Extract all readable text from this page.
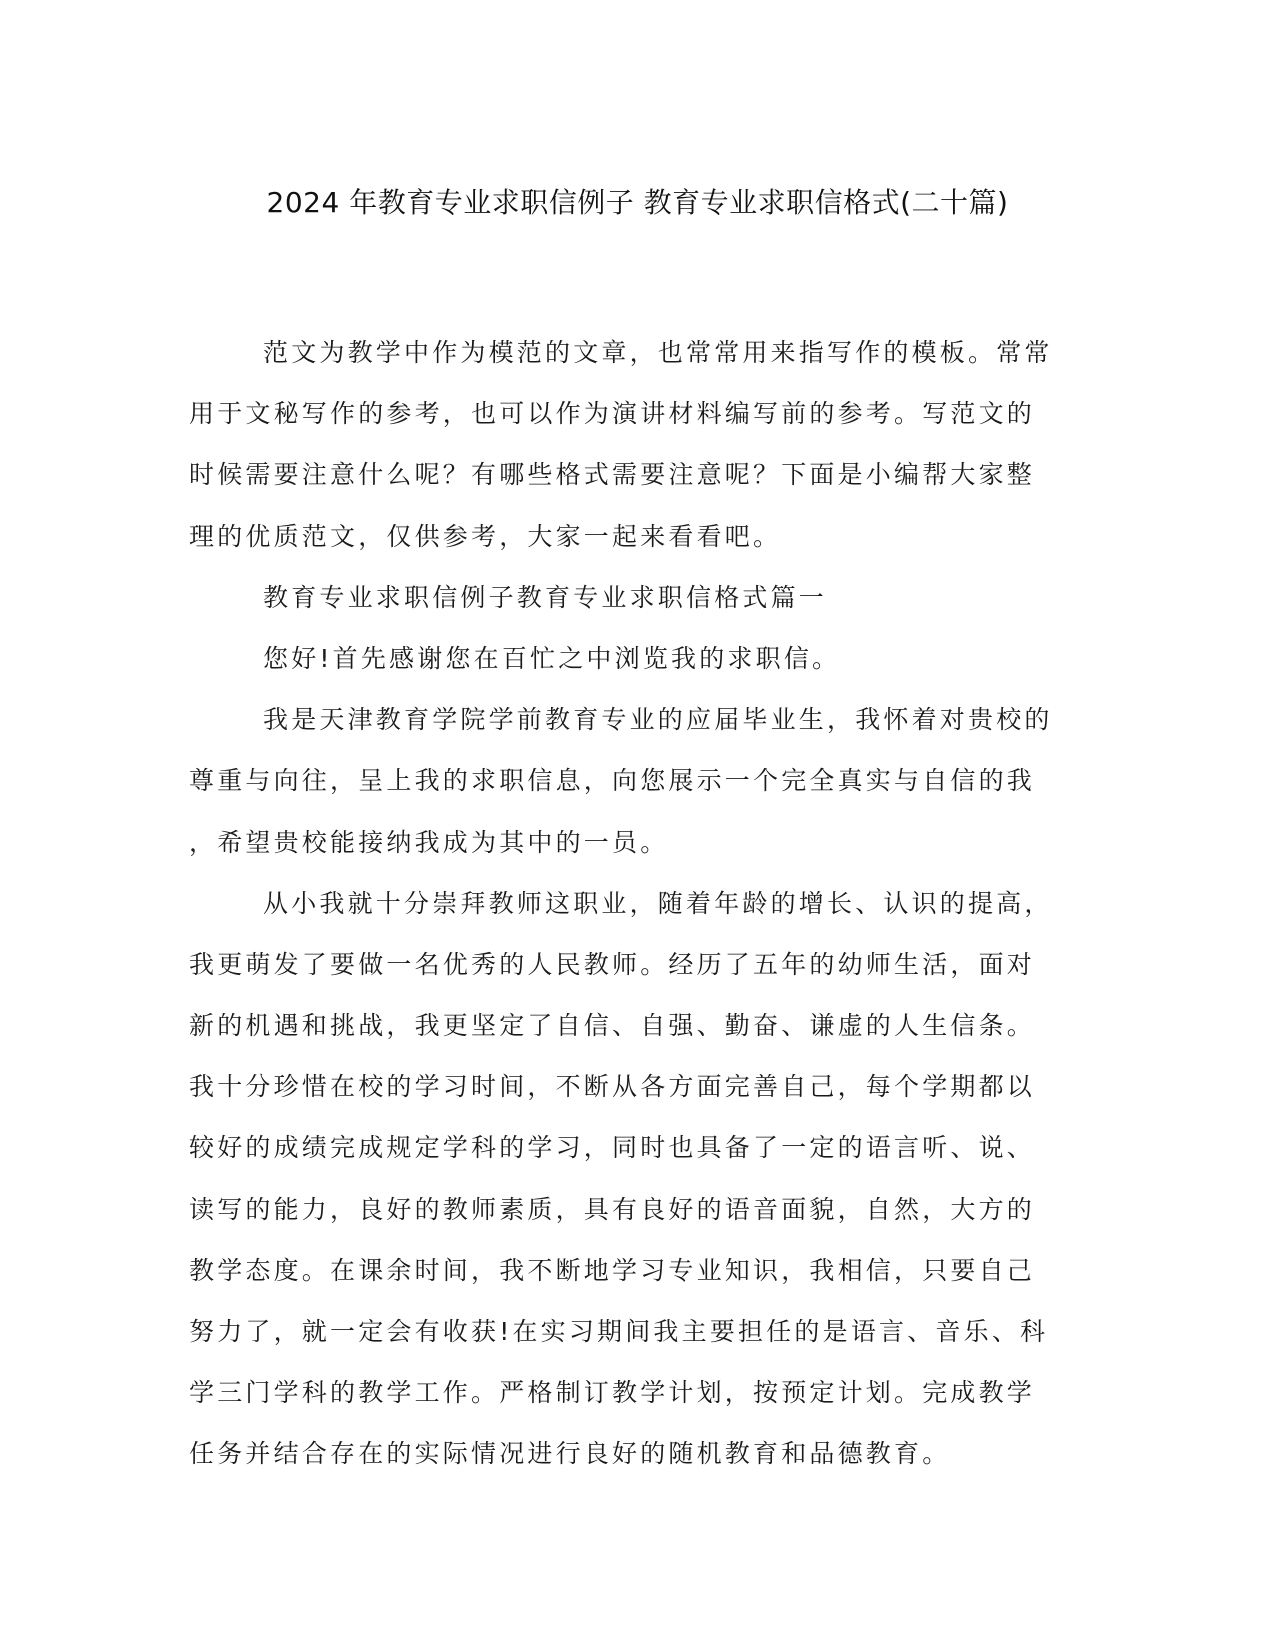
2024 年教育专业求职信例子 教育专业求职信格式(二十篇)
范文为教学中作为模范的文章，也常常用来指写作的模板。常常
用于文秘写作的参考，也可以作为演讲材料编写前的参考。写范文的
时候需要注意什么呢？有哪些格式需要注意呢？下面是小编帮大家整
理的优质范文，仅供参考，大家一起来看看吧。
教育专业求职信例子教育专业求职信格式篇一
您好!首先感谢您在百忙之中浏览我的求职信。
我是天津教育学院学前教育专业的应届毕业生，我怀着对贵校的
尊重与向往，呈上我的求职信息，向您展示一个完全真实与自信的我
，希望贵校能接纳我成为其中的一员。
从小我就十分崇拜教师这职业，随着年龄的增长、认识的提高，
我更萌发了要做一名优秀的人民教师。经历了五年的幼师生活，面对
新的机遇和挑战，我更坚定了自信、自强、勤奋、谦虚的人生信条。
我十分珍惜在校的学习时间，不断从各方面完善自己，每个学期都以
较好的成绩完成规定学科的学习，同时也具备了一定的语言听、说、
读写的能力，良好的教师素质，具有良好的语音面貌，自然，大方的
教学态度。在课余时间，我不断地学习专业知识，我相信，只要自己
努力了，就一定会有收获!在实习期间我主要担任的是语言、音乐、科
学三门学科的教学工作。严格制订教学计划，按预定计划。完成教学
任务并结合存在的实际情况进行良好的随机教育和品德教育。
